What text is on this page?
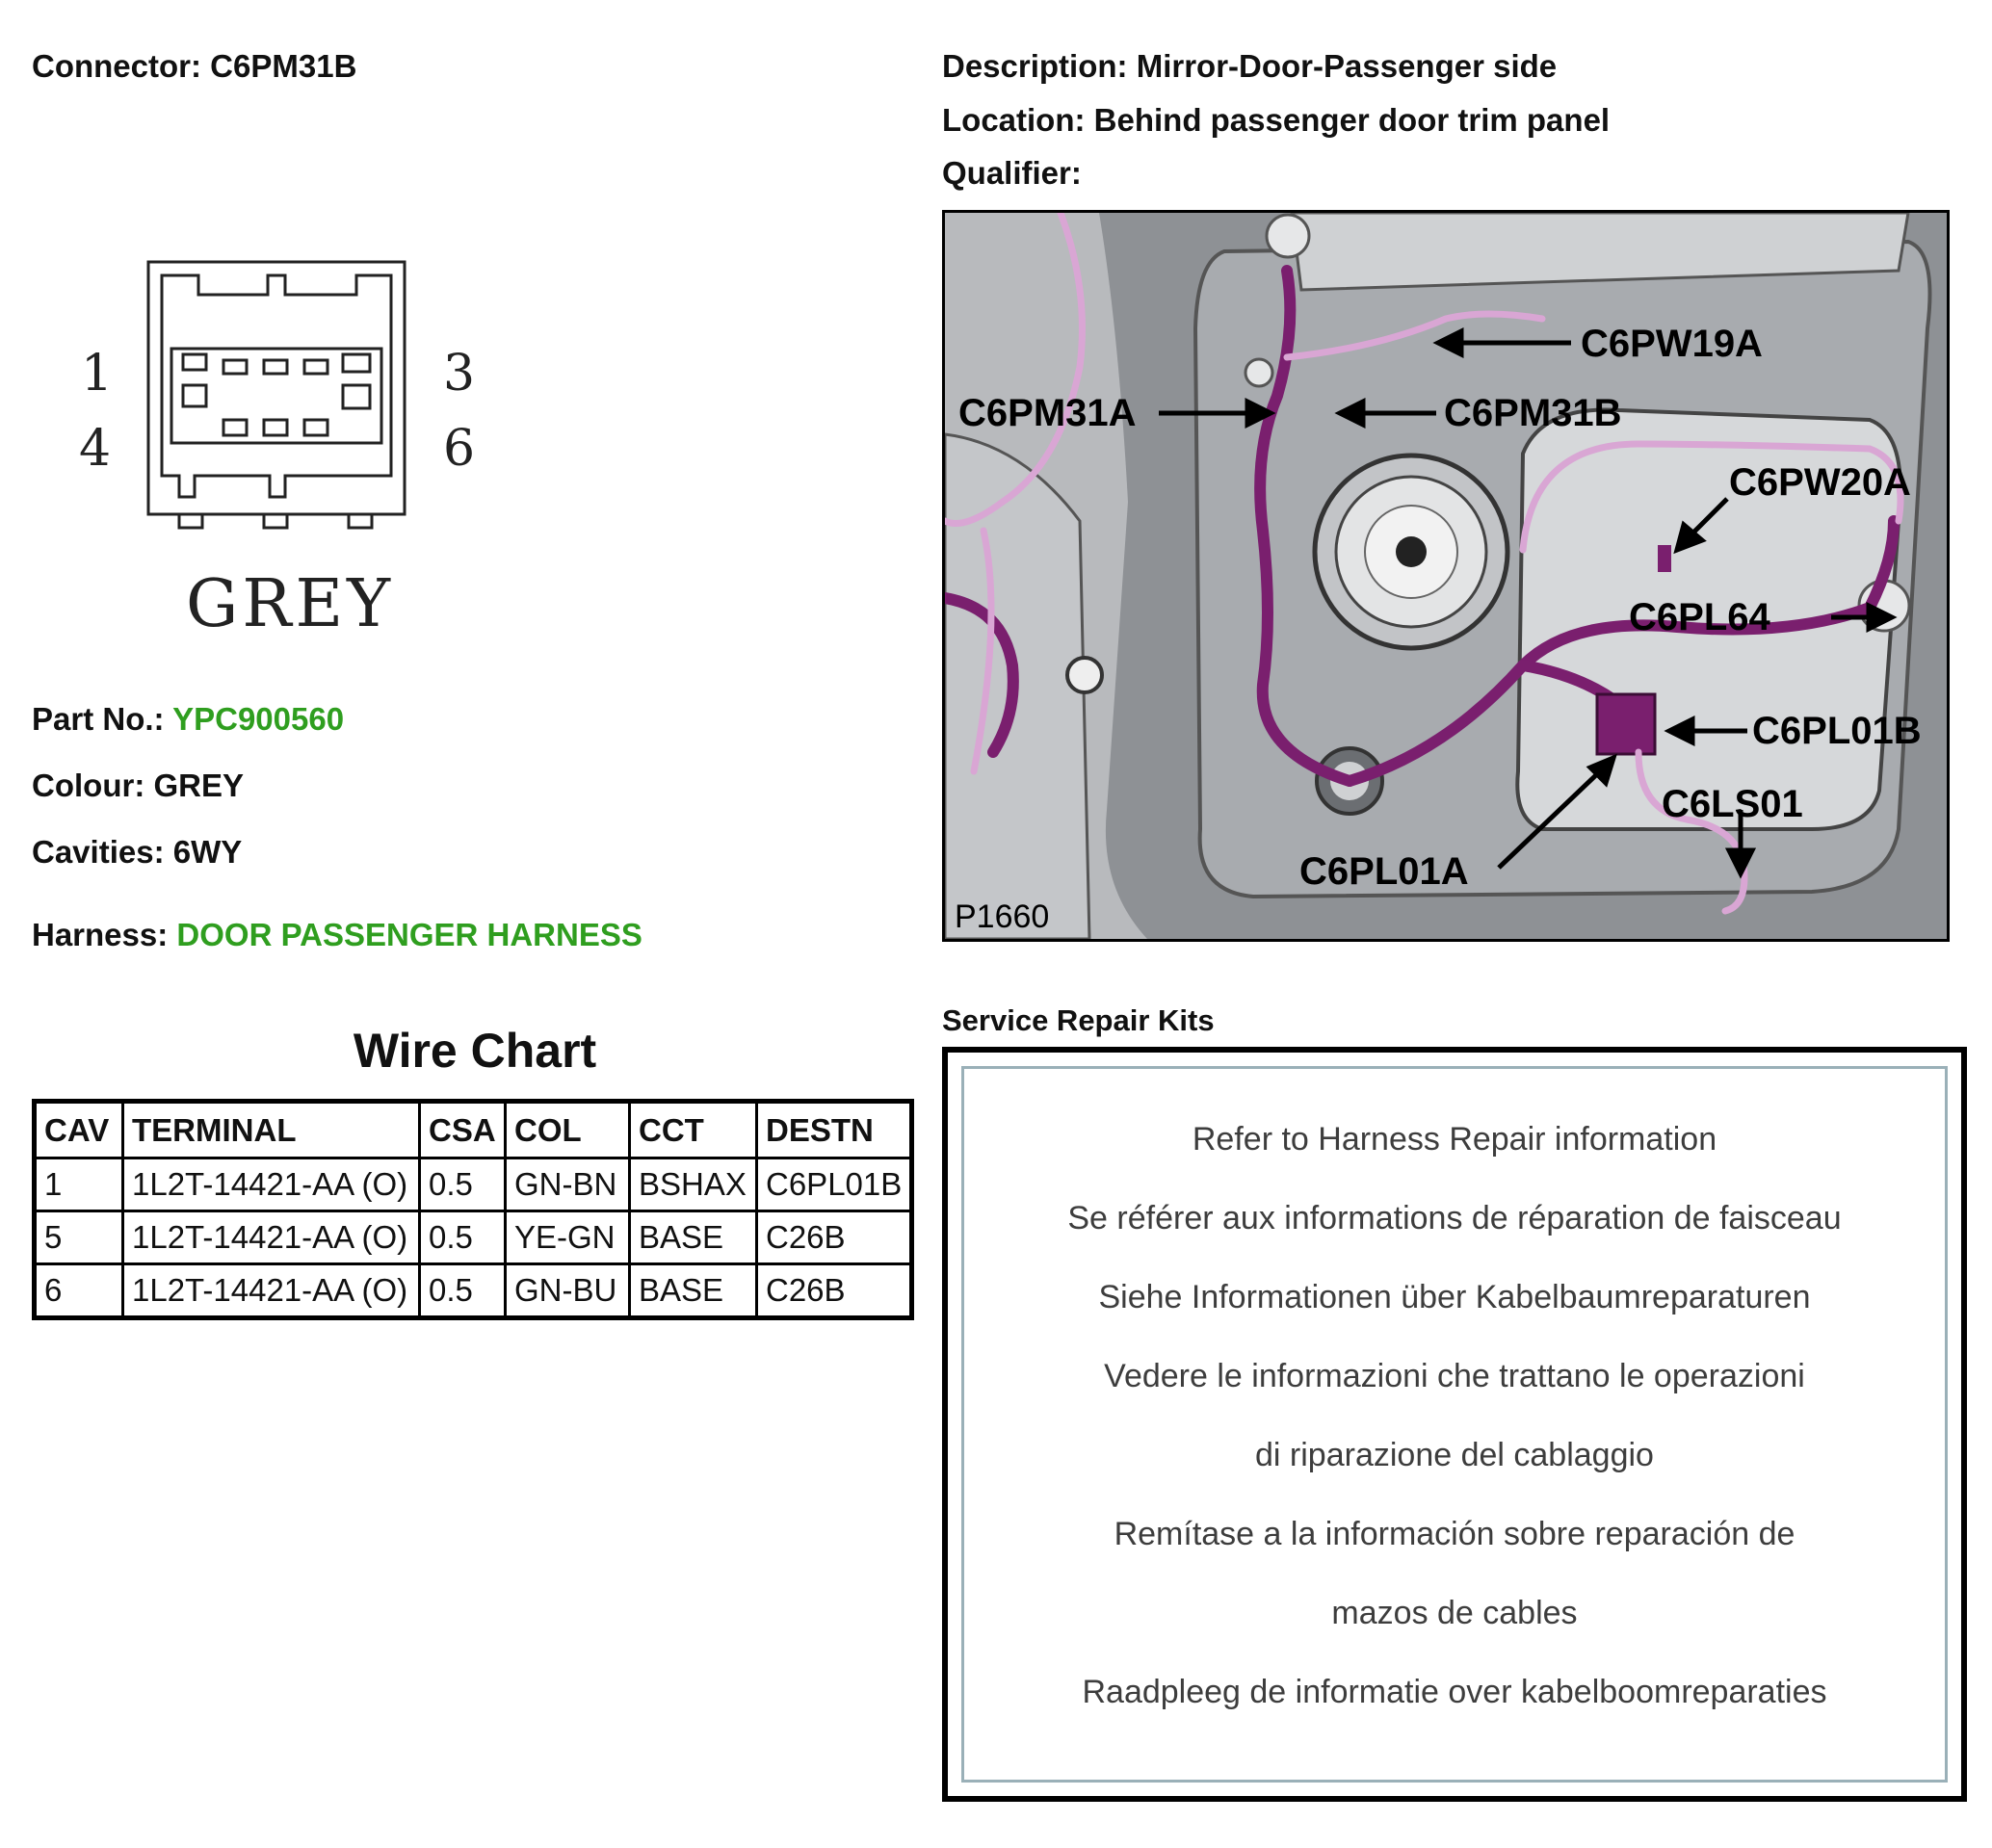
Connector: C6PM31B	Description: Mirror-Door-Passenger side
Location: Behind passenger door trim panel
Qualifier:
1	3
4	6
GREY
Part No.: YPC900560
Colour: GREY
Cavities: 6WY
Harness: DOOR PASSENGER HARNESS
Wire Chart
CAV	TERMINAL	CSA	COL	CCT	DESTN
1	1L2T-14421-AA (O)	0.5	GN-BN	BSHAX	C6PL01B
5	1L2T-14421-AA (O)	0.5	YE-GN	BASE	C26B
6	1L2T-14421-AA (O)	0.5	GN-BU	BASE	C26B
C6PW19A
C6PM31A	C6PM31B
C6PW20A
C6PL64
C6PL01B
C6LS01
C6PL01A
P1660
Service Repair Kits
Refer to Harness Repair information
Se référer aux informations de réparation de faisceau
Siehe Informationen über Kabelbaumreparaturen
Vedere le informazioni che trattano le operazioni
di riparazione del cablaggio
Remítase a la información sobre reparación de
mazos de cables
Raadpleeg de informatie over kabelboomreparaties
